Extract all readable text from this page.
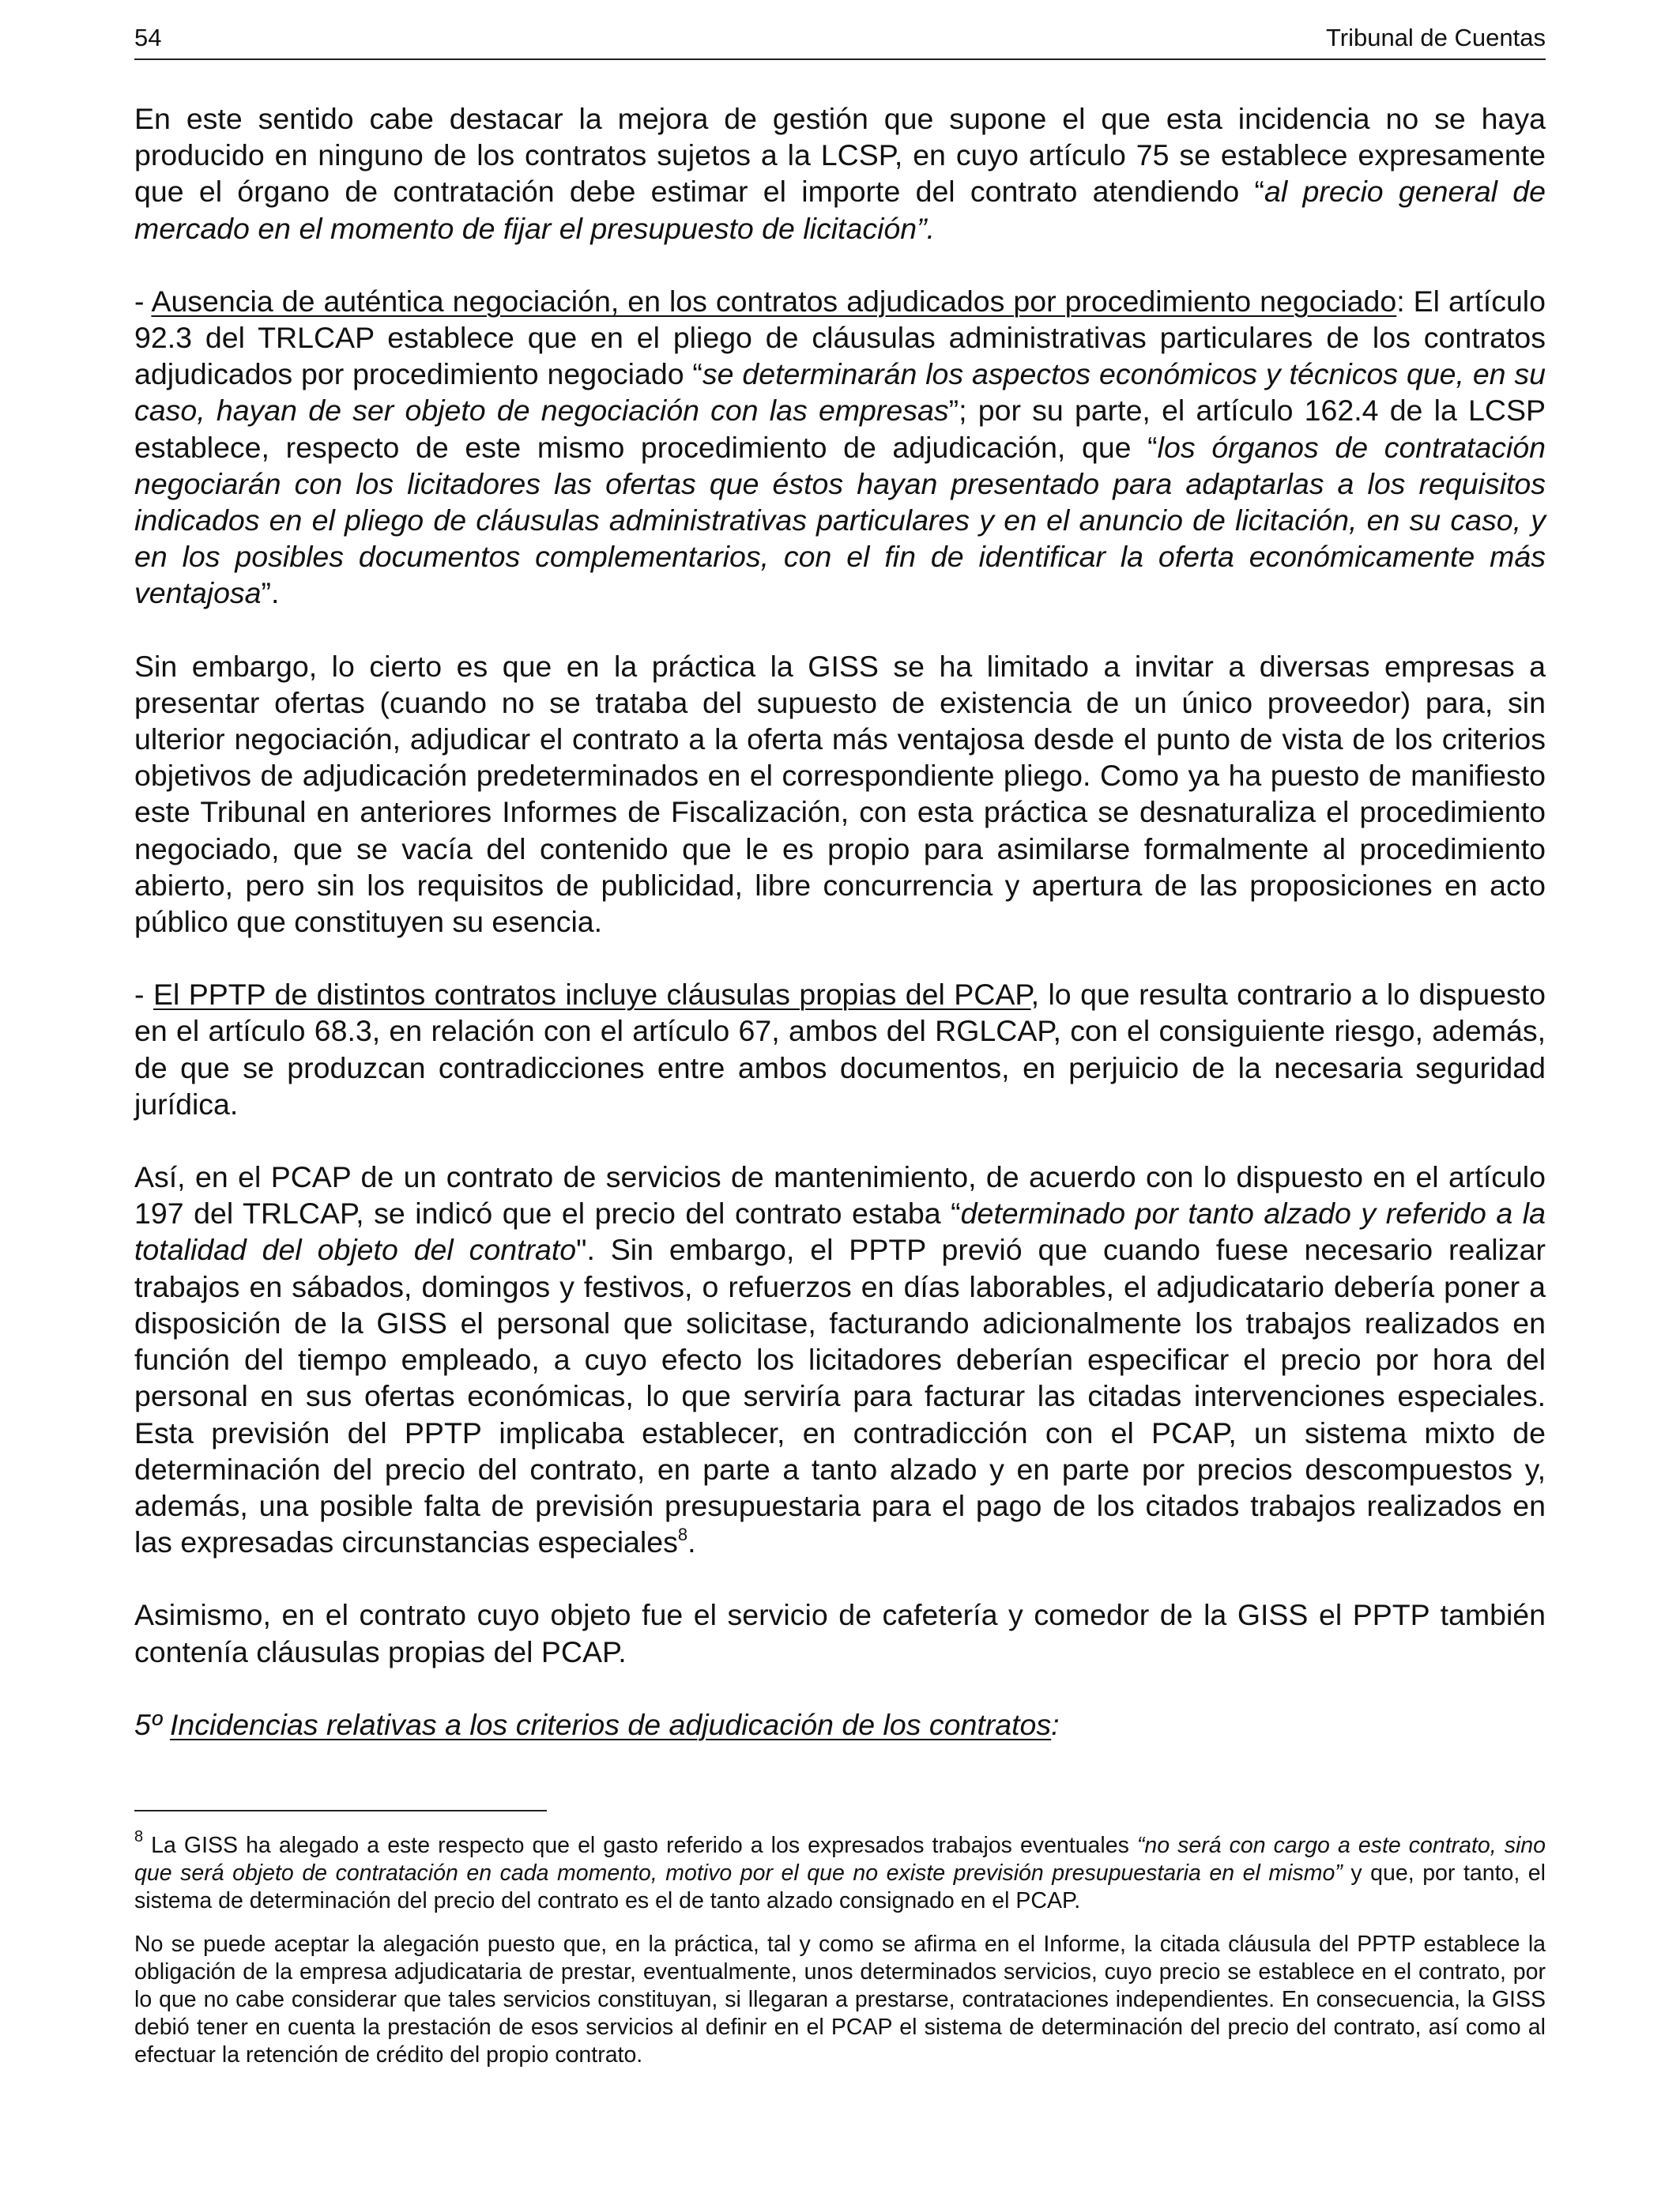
54	Tribunal de Cuentas

En este sentido cabe destacar la mejora de gestión que supone el que esta incidencia no se haya producido en ninguno de los contratos sujetos a la LCSP, en cuyo artículo 75 se establece expresamente que el órgano de contratación debe estimar el importe del contrato atendiendo “al precio general de mercado en el momento de fijar el presupuesto de licitación”.

- Ausencia de auténtica negociación, en los contratos adjudicados por procedimiento negociado: El artículo 92.3 del TRLCAP establece que en el pliego de cláusulas administrativas particulares de los contratos adjudicados por procedimiento negociado “se determinarán los aspectos económicos y técnicos que, en su caso, hayan de ser objeto de negociación con las empresas”; por su parte, el artículo 162.4 de la LCSP establece, respecto de este mismo procedimiento de adjudicación, que “los órganos de contratación negociarán con los licitadores las ofertas que éstos hayan presentado para adaptarlas a los requisitos indicados en el pliego de cláusulas administrativas particulares y en el anuncio de licitación, en su caso, y en los posibles documentos complementarios, con el fin de identificar la oferta económicamente más ventajosa”.

Sin embargo, lo cierto es que en la práctica la GISS se ha limitado a invitar a diversas empresas a presentar ofertas (cuando no se trataba del supuesto de existencia de un único proveedor) para, sin ulterior negociación, adjudicar el contrato a la oferta más ventajosa desde el punto de vista de los criterios objetivos de adjudicación predeterminados en el correspondiente pliego. Como ya ha puesto de manifiesto este Tribunal en anteriores Informes de Fiscalización, con esta práctica se desnaturaliza el procedimiento negociado, que se vacía del contenido que le es propio para asimilarse formalmente al procedimiento abierto, pero sin los requisitos de publicidad, libre concurrencia y apertura de las proposiciones en acto público que constituyen su esencia.

- El PPTP de distintos contratos incluye cláusulas propias del PCAP, lo que resulta contrario a lo dispuesto en el artículo 68.3, en relación con el artículo 67, ambos del RGLCAP, con el consiguiente riesgo, además, de que se produzcan contradicciones entre ambos documentos, en perjuicio de la necesaria seguridad jurídica.

Así, en el PCAP de un contrato de servicios de mantenimiento, de acuerdo con lo dispuesto en el artículo 197 del TRLCAP, se indicó que el precio del contrato estaba “determinado por tanto alzado y referido a la totalidad del objeto del contrato". Sin embargo, el PPTP previó que cuando fuese necesario realizar trabajos en sábados, domingos y festivos, o refuerzos en días laborables, el adjudicatario debería poner a disposición de la GISS el personal que solicitase, facturando adicionalmente los trabajos realizados en función del tiempo empleado, a cuyo efecto los licitadores deberían especificar el precio por hora del personal en sus ofertas económicas, lo que serviría para facturar las citadas intervenciones especiales. Esta previsión del PPTP implicaba establecer, en contradicción con el PCAP, un sistema mixto de determinación del precio del contrato, en parte a tanto alzado y en parte por precios descompuestos y, además, una posible falta de previsión presupuestaria para el pago de los citados trabajos realizados en las expresadas circunstancias especiales$^8$.

Asimismo, en el contrato cuyo objeto fue el servicio de cafetería y comedor de la GISS el PPTP también contenía cláusulas propias del PCAP.

5º Incidencias relativas a los criterios de adjudicación de los contratos:

$^8$ La GISS ha alegado a este respecto que el gasto referido a los expresados trabajos eventuales “no será con cargo a este contrato, sino que será objeto de contratación en cada momento, motivo por el que no existe previsión presupuestaria en el mismo” y que, por tanto, el sistema de determinación del precio del contrato es el de tanto alzado consignado en el PCAP.

No se puede aceptar la alegación puesto que, en la práctica, tal y como se afirma en el Informe, la citada cláusula del PPTP establece la obligación de la empresa adjudicataria de prestar, eventualmente, unos determinados servicios, cuyo precio se establece en el contrato, por lo que no cabe considerar que tales servicios constituyan, si llegaran a prestarse, contrataciones independientes. En consecuencia, la GISS debió tener en cuenta la prestación de esos servicios al definir en el PCAP el sistema de determinación del precio del contrato, así como al efectuar la retención de crédito del propio contrato.
